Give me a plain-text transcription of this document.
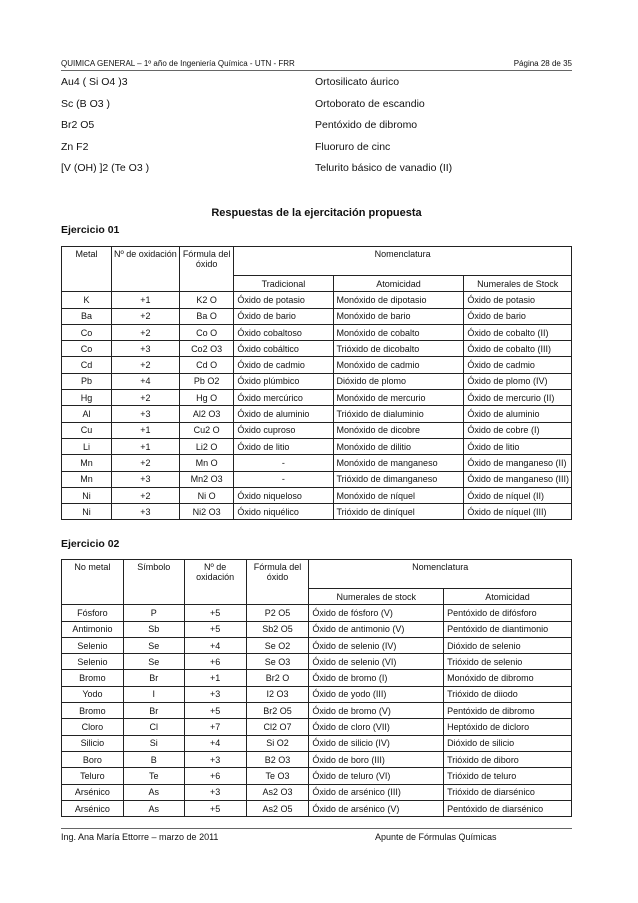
QUIMICA GENERAL – 1º año de Ingeniería Química - UTN - FRR	Página 28 de 35
Au4 ( Si O4 )3	Ortosilicato áurico
Sc (B O3 )	Ortoborato de escandio
Br2 O5	Pentóxido de dibromo
Zn F2	Fluoruro de cinc
[V (OH) ]2 (Te O3 )	Telurito básico de vanadio (II)
Respuestas de la ejercitación propuesta
Ejercicio 01
Metal	Nº de oxidación	Fórmula del óxido	Nomenclatura		
			Tradicional	Atomicidad	Numerales de Stock
K	+1	K2 O	Óxido de potasio	Monóxido de dipotasio	Óxido de potasio
Ba	+2	Ba O	Óxido de bario	Monóxido de bario	Óxido de bario
Co	+2	Co O	Óxido cobaltoso	Monóxido de cobalto	Óxido de cobalto (II)
Co	+3	Co2 O3	Óxido cobáltico	Trióxido de dicobalto	Óxido de cobalto (III)
Cd	+2	Cd O	Óxido de cadmio	Monóxido de cadmio	Óxido de cadmio
Pb	+4	Pb O2	Óxido plúmbico	Dióxido de plomo	Óxido de plomo (IV)
Hg	+2	Hg O	Óxido mercúrico	Monóxido de mercurio	Óxido de mercurio (II)
Al	+3	Al2 O3	Óxido de aluminio	Trióxido de dialuminio	Óxido de aluminio
Cu	+1	Cu2 O	Óxido cuproso	Monóxido de dicobre	Óxido de cobre (I)
Li	+1	Li2 O	Óxido de litio	Monóxido de dilitio	Óxido de litio
Mn	+2	Mn O	-	Monóxido de manganeso	Óxido de manganeso (II)
Mn	+3	Mn2 O3	-	Trióxido de dimanganeso	Óxido de manganeso (III)
Ni	+2	Ni O	Óxido niqueloso	Monóxido de níquel	Óxido de níquel (II)
Ni	+3	Ni2 O3	Óxido niquélico	Trióxido de diníquel	Óxido de níquel (III)
Ejercicio 02
No metal	Símbolo	Nº de oxidación	Fórmula del óxido	Nomenclatura	
				Numerales de stock	Atomicidad
Fósforo	P	+5	P2 O5	Óxido de fósforo (V)	Pentóxido de difósforo
Antimonio	Sb	+5	Sb2 O5	Óxido de antimonio (V)	Pentóxido de diantimonio
Selenio	Se	+4	Se O2	Óxido de selenio (IV)	Dióxido de selenio
Selenio	Se	+6	Se O3	Óxido de selenio (VI)	Trióxido de selenio
Bromo	Br	+1	Br2 O	Óxido de bromo (I)	Monóxido de dibromo
Yodo	I	+3	I2 O3	Óxido de yodo (III)	Trióxido de diiodo
Bromo	Br	+5	Br2 O5	Óxido de bromo (V)	Pentóxido de dibromo
Cloro	Cl	+7	Cl2 O7	Óxido de cloro (VII)	Heptóxido de dicloro
Silicio	Si	+4	Si O2	Óxido de silicio (IV)	Dióxido de silicio
Boro	B	+3	B2 O3	Óxido de boro (III)	Trióxido de diboro
Teluro	Te	+6	Te O3	Óxido de teluro (VI)	Trióxido de teluro
Arsénico	As	+3	As2 O3	Óxido de arsénico (III)	Trióxido de diarsénico
Arsénico	As	+5	As2 O5	Óxido de arsénico (V)	Pentóxido de diarsénico
Ing. Ana María Ettorre – marzo de 2011	Apunte de Fórmulas Químicas
